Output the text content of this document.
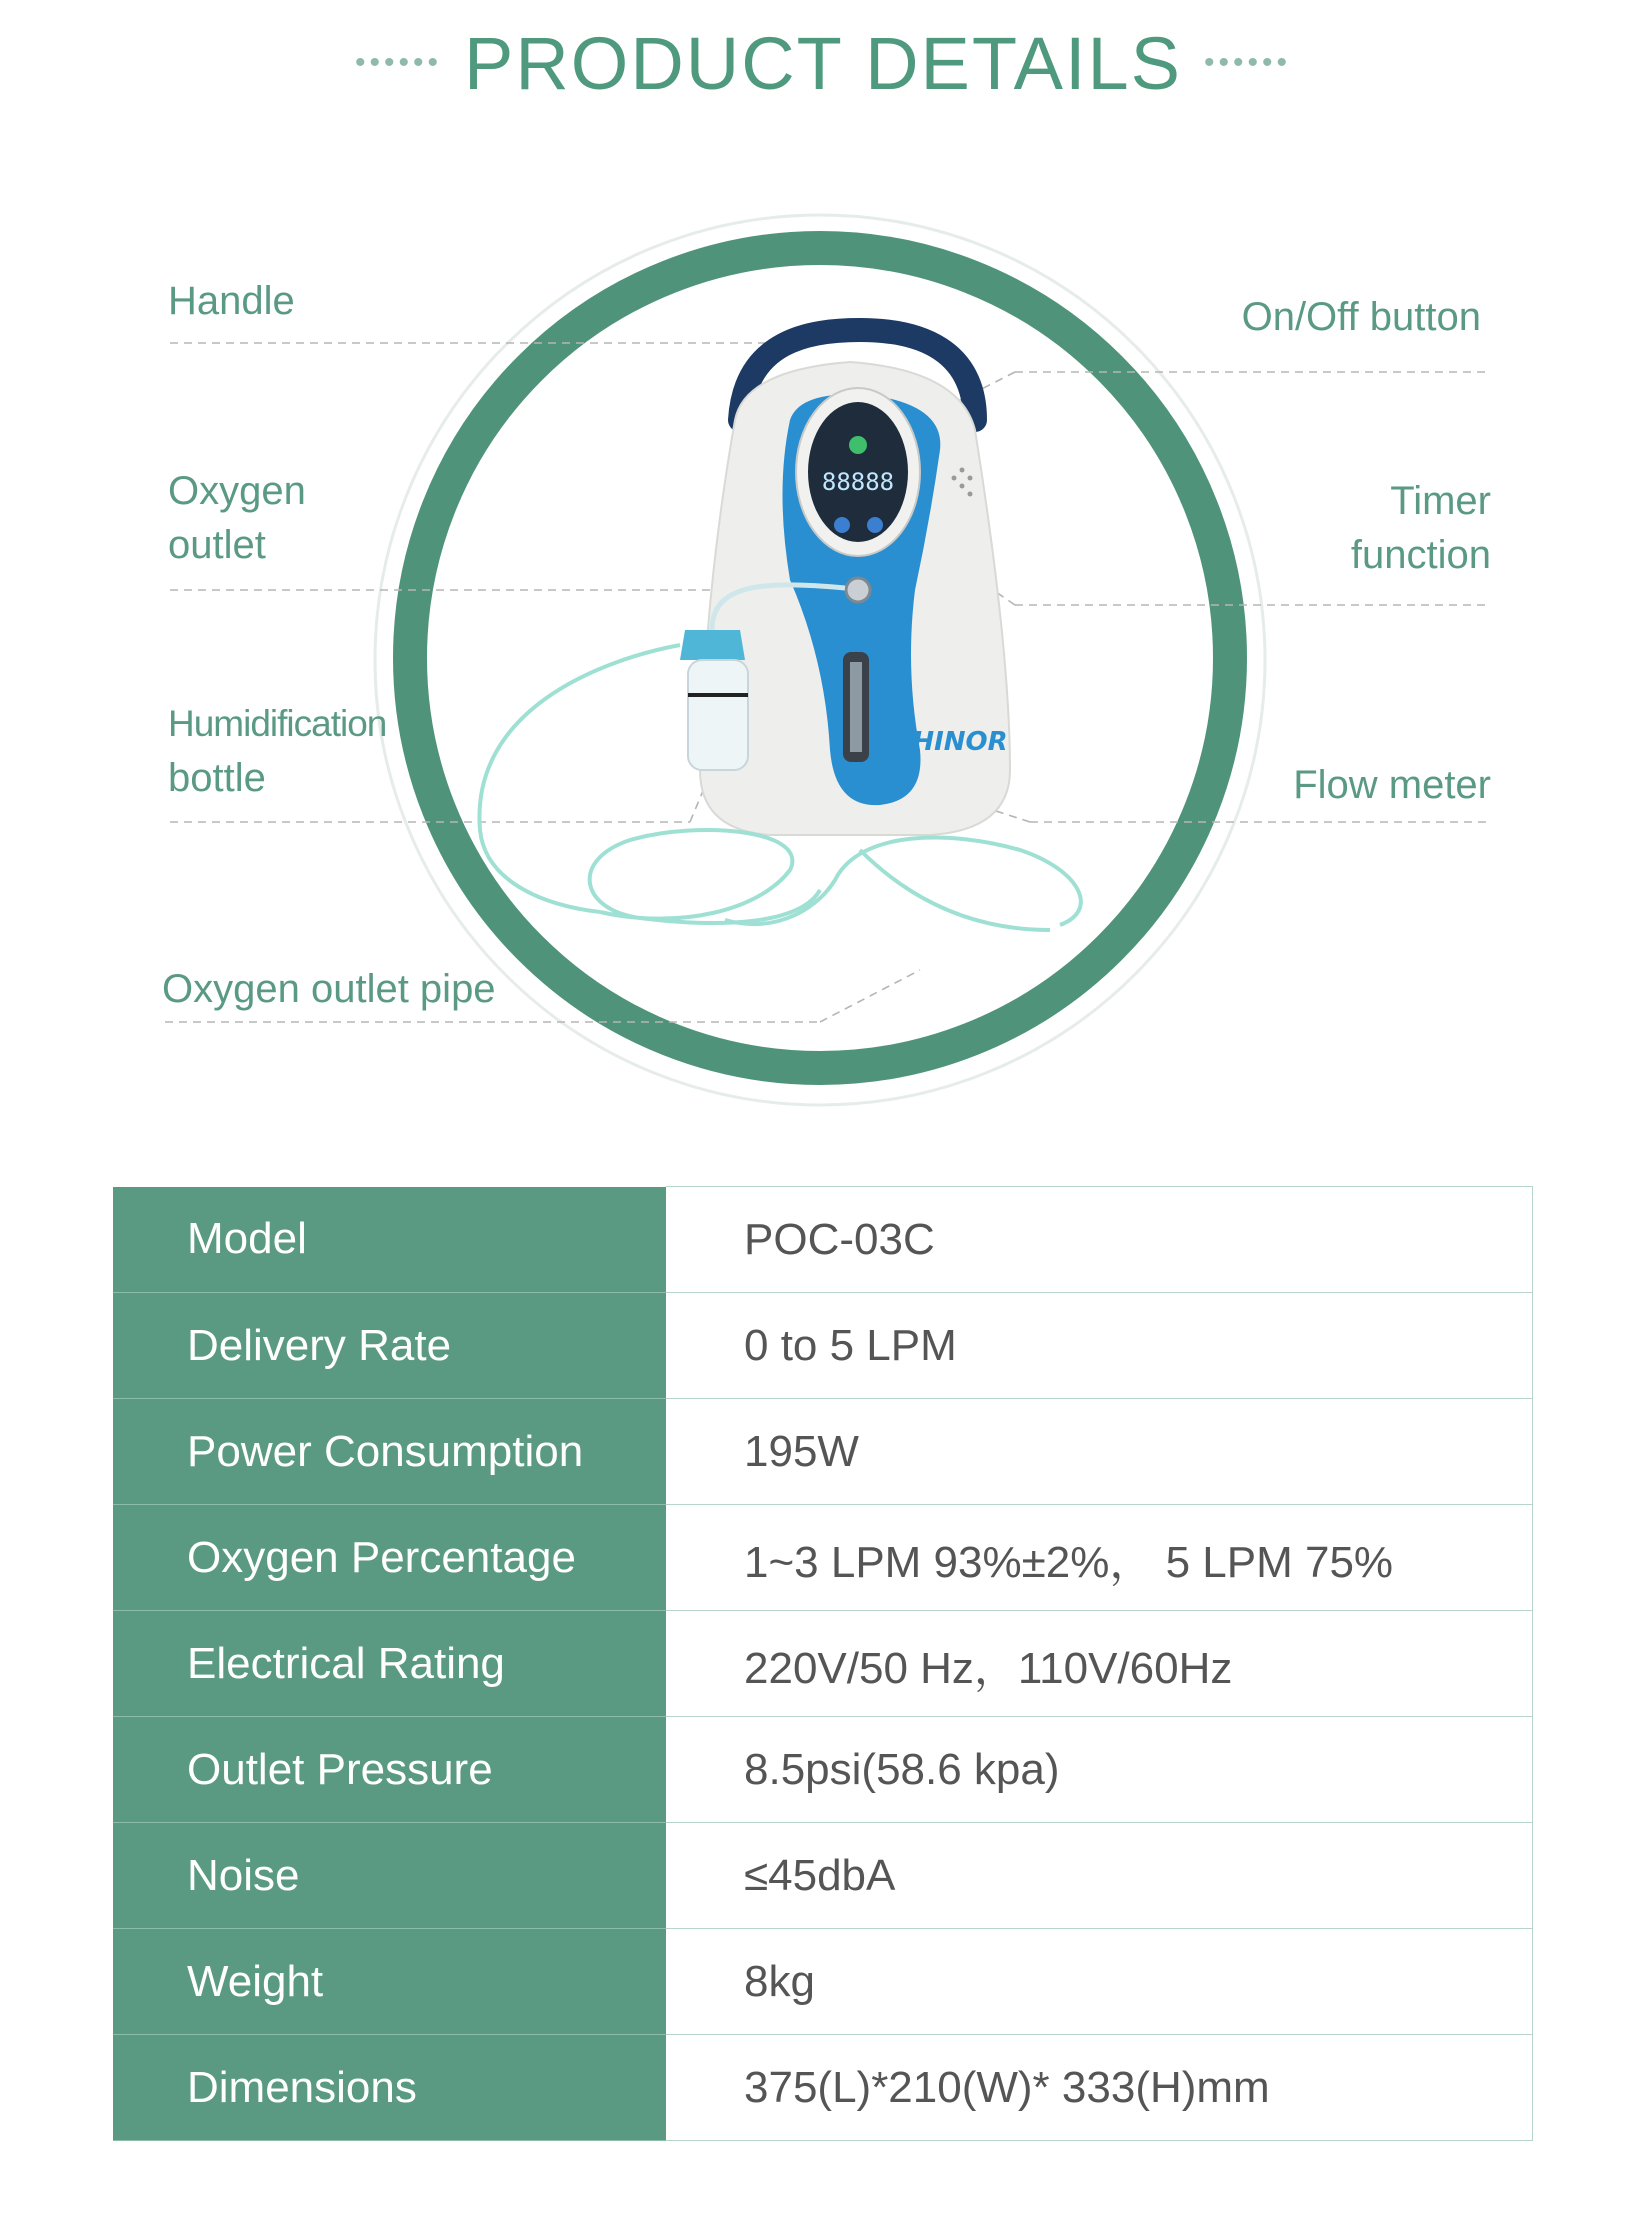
•••••• PRODUCT DETAILS ••••••
88888
HINOR
Handle
Oxygen
outlet
Humidification
bottle
Oxygen outlet pipe
On/Off button
Timer
function
Flow meter
Model	POC-03C
Delivery Rate	0 to 5 LPM
Power Consumption	195W
Oxygen Percentage	1~3 LPM 93%±2%， 5 LPM 75%
Electrical Rating	220V/50 Hz，110V/60Hz
Outlet Pressure	8.5psi(58.6 kpa)
Noise	≤45dbA
Weight	8kg
Dimensions	375(L)*210(W)* 333(H)mm
